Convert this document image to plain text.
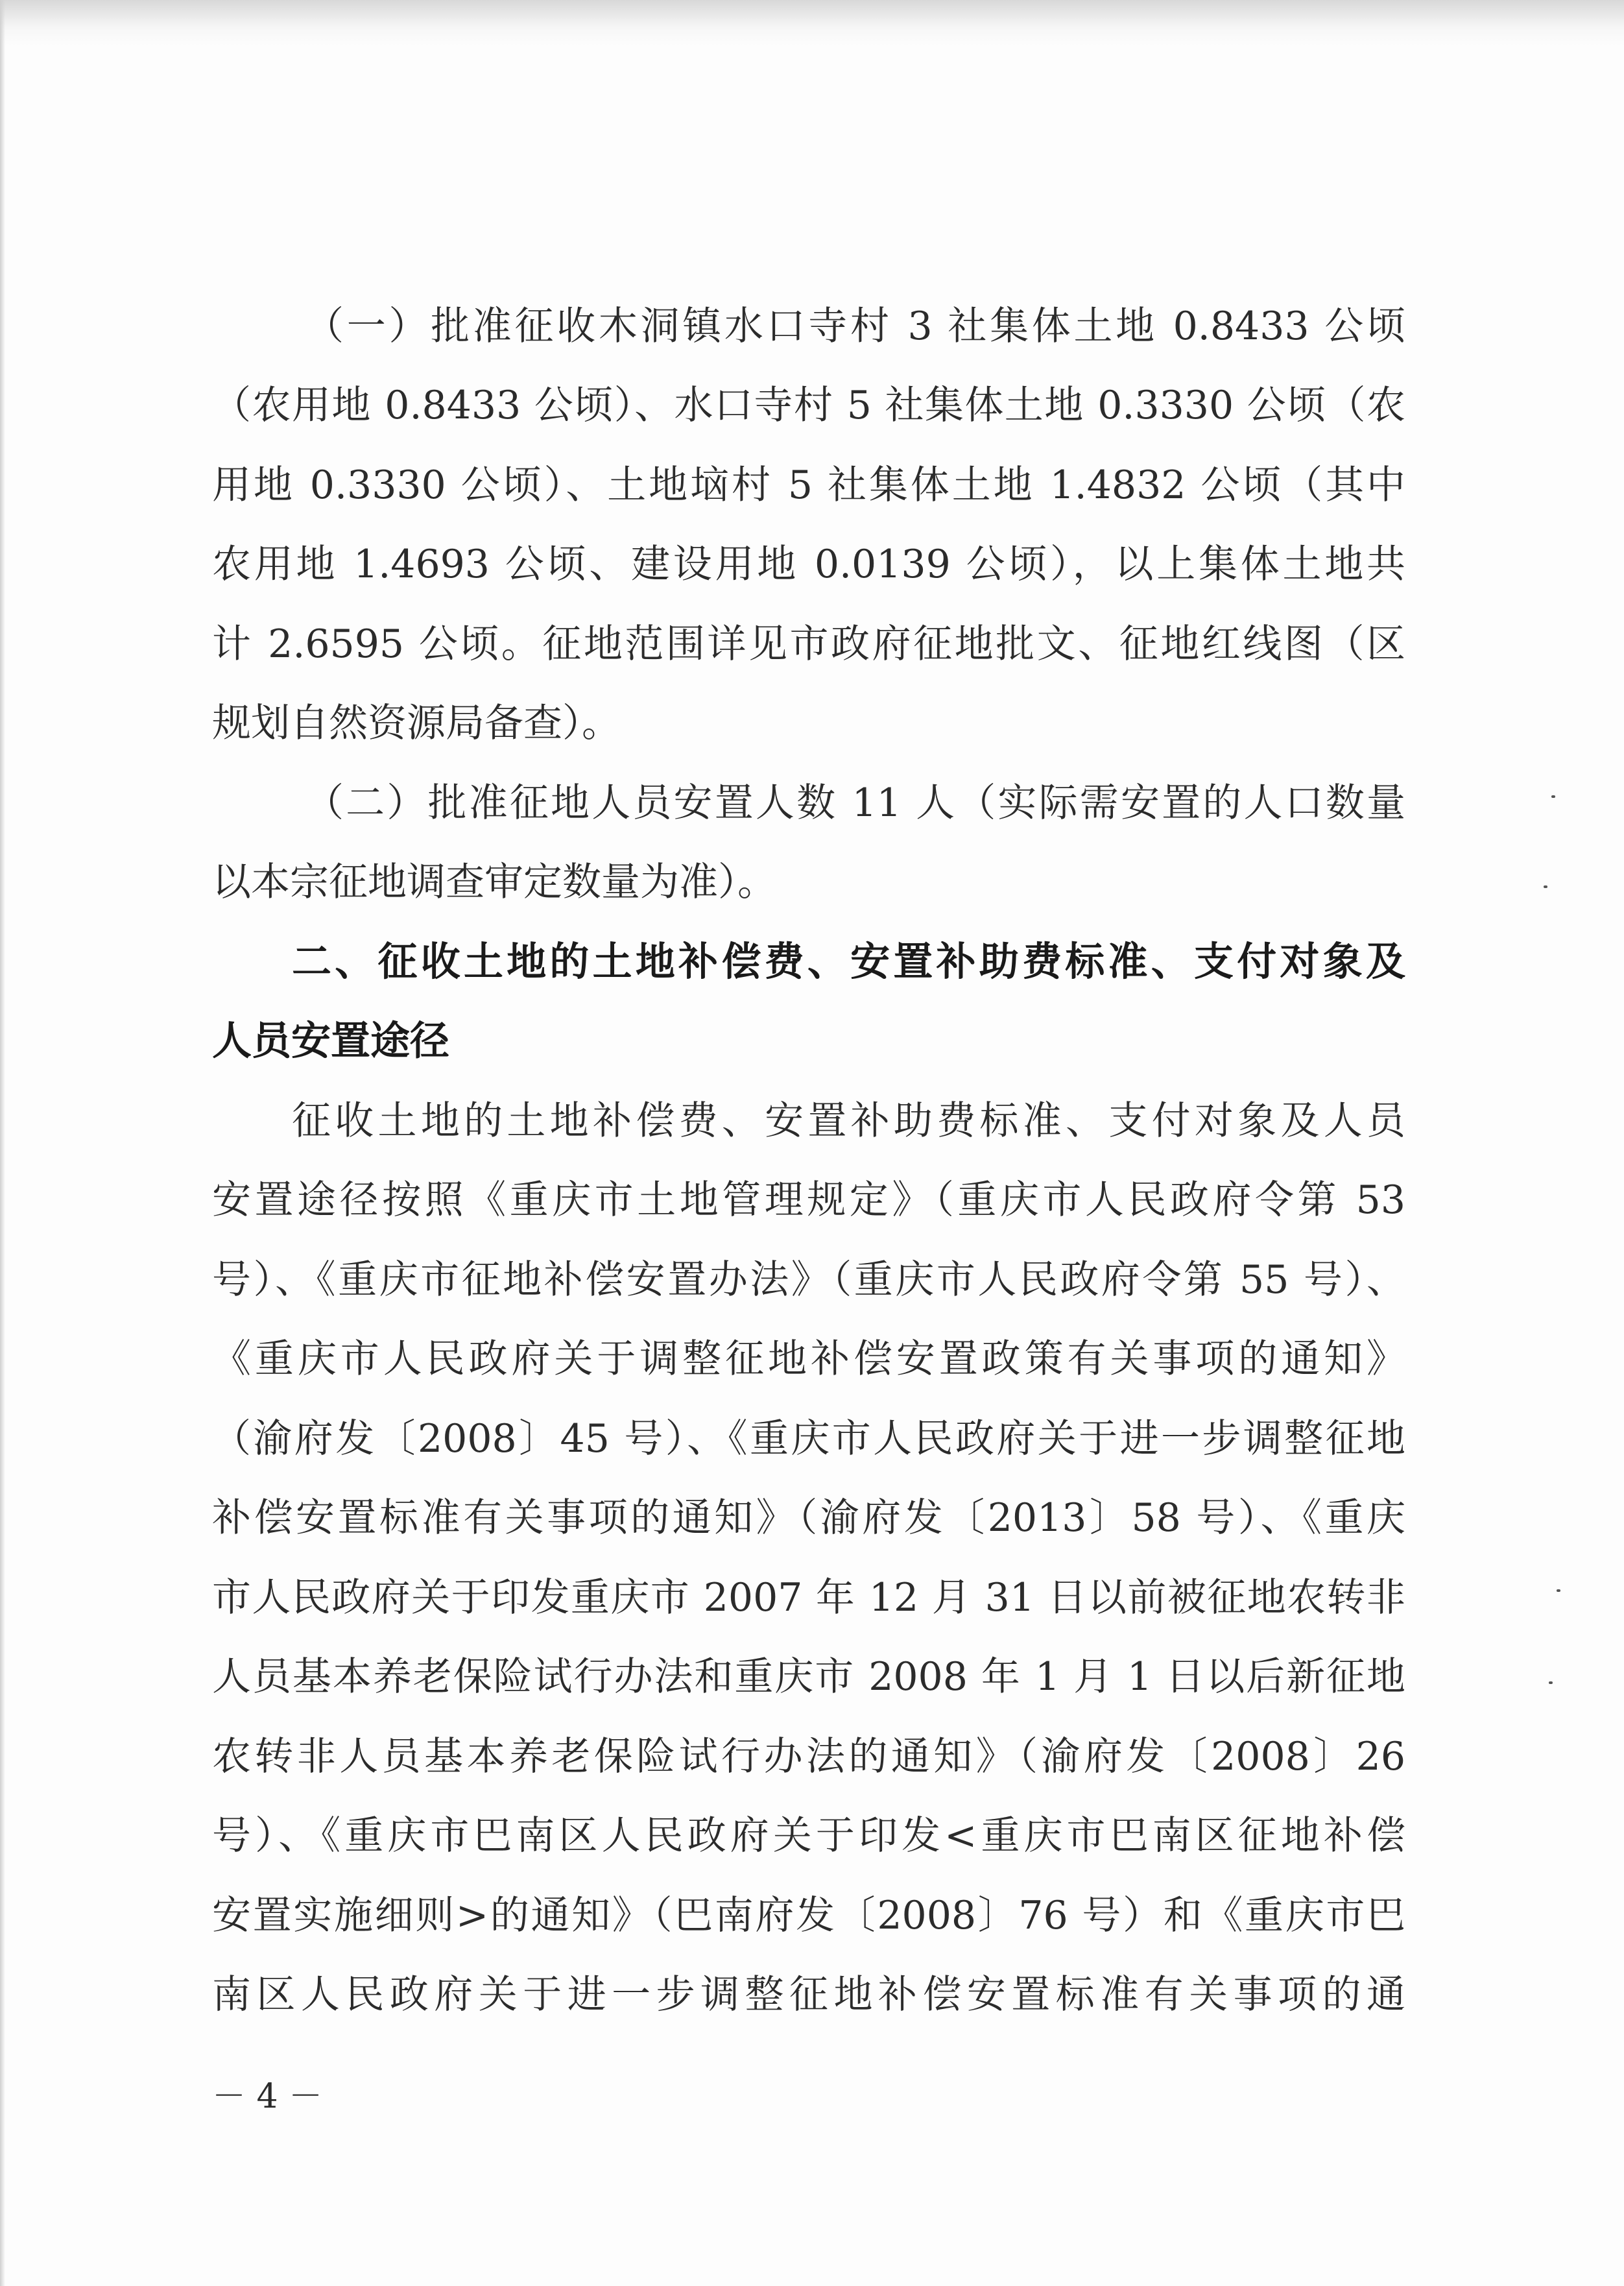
（一）批准征收木洞镇水口寺村 3 社集体土地 0.8433 公顷
（农用地 0.8433 公顷）、水口寺村 5 社集体土地 0.3330 公顷（农
用地 0.3330 公顷）、土地垴村 5 社集体土地 1.4832 公顷（其中
农用地 1.4693 公顷、建设用地 0.0139 公顷），以上集体土地共
计 2.6595 公顷。征地范围详见市政府征地批文、征地红线图（区
规划自然资源局备查）。
（二）批准征地人员安置人数 11 人（实际需安置的人口数量
以本宗征地调查审定数量为准）。
二、征收土地的土地补偿费、安置补助费标准、支付对象及
人员安置途径
征收土地的土地补偿费、安置补助费标准、支付对象及人员
安置途径按照《重庆市土地管理规定》（重庆市人民政府令第 53
号）、《重庆市征地补偿安置办法》（重庆市人民政府令第 55 号）、
《重庆市人民政府关于调整征地补偿安置政策有关事项的通知》
（渝府发〔2008〕45 号）、《重庆市人民政府关于进一步调整征地
补偿安置标准有关事项的通知》（渝府发〔2013〕58 号）、《重庆
市人民政府关于印发重庆市 2007 年 12 月 31 日以前被征地农转非
人员基本养老保险试行办法和重庆市 2008 年 1 月 1 日以后新征地
农转非人员基本养老保险试行办法的通知》（渝府发〔2008〕26
号）、《重庆市巴南区人民政府关于印发<重庆市巴南区征地补偿
安置实施细则>的通知》（巴南府发〔2008〕76 号）和《重庆市巴
南区人民政府关于进一步调整征地补偿安置标准有关事项的通
－ 4 －
